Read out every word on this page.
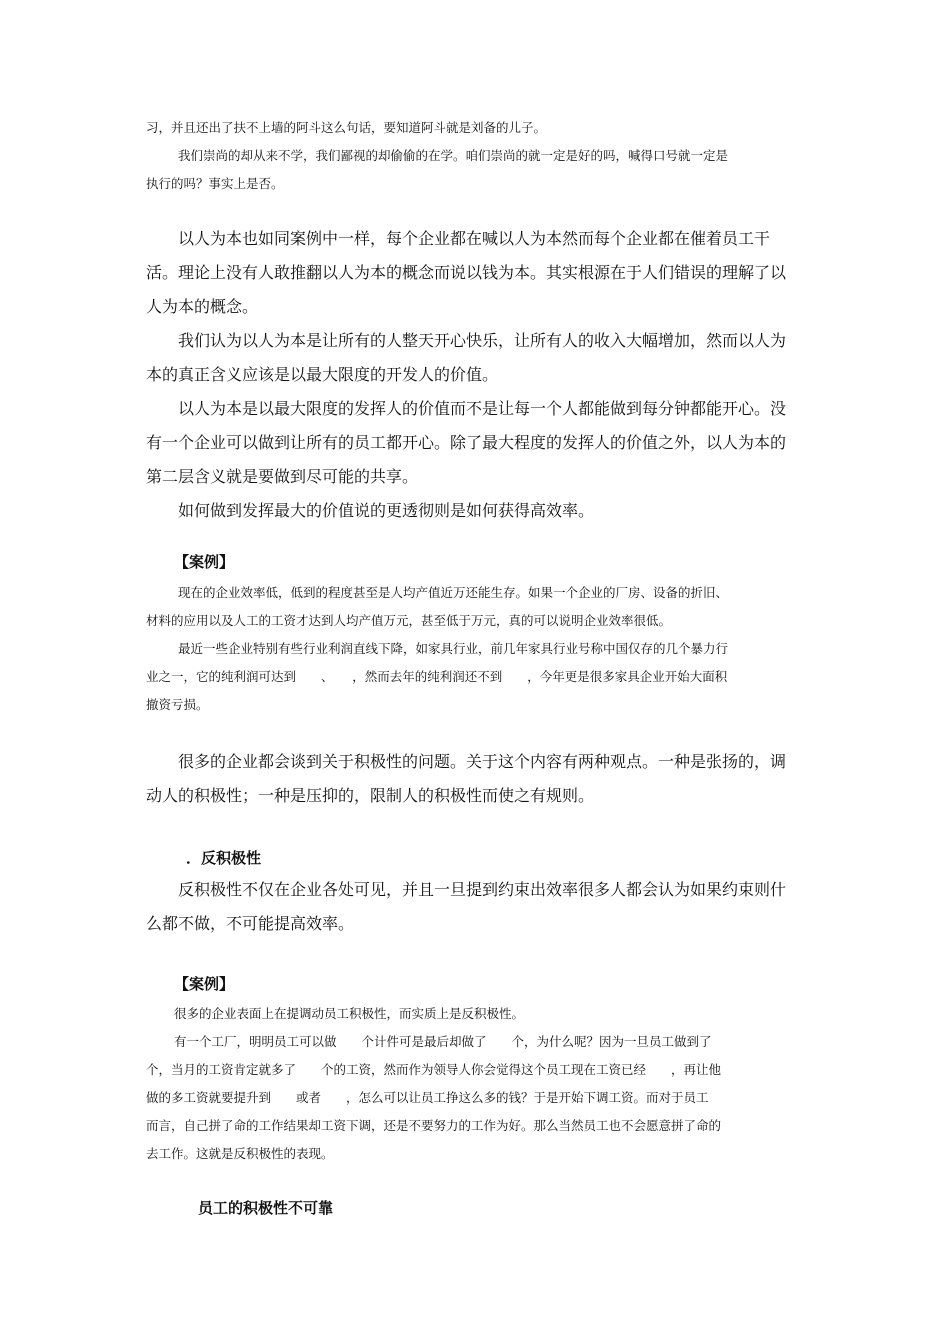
习，并且还出了扶不上墙的阿斗这么句话，要知道阿斗就是刘备的儿子。

我们崇尚的却从来不学，我们鄙视的却偷偷的在学。咱们崇尚的就一定是好的吗，喊得口号就一定是

执行的吗？事实上是否。

以人为本也如同案例中一样，每个企业都在喊以人为本然而每个企业都在催着员工干

活。理论上没有人敢推翻以人为本的概念而说以钱为本。其实根源在于人们错误的理解了以

人为本的概念。

我们认为以人为本是让所有的人整天开心快乐，让所有人的收入大幅增加，然而以人为

本的真正含义应该是以最大限度的开发人的价值。

以人为本是以最大限度的发挥人的价值而不是让每一个人都能做到每分钟都能开心。没

有一个企业可以做到让所有的员工都开心。除了最大程度的发挥人的价值之外，以人为本的

第二层含义就是要做到尽可能的共享。

如何做到发挥最大的价值说的更透彻则是如何获得高效率。

【案例】

现在的企业效率低，低到的程度甚至是人均产值近万还能生存。如果一个企业的厂房、设备的折旧、

材料的应用以及人工的工资才达到人均产值万元，甚至低于万元，真的可以说明企业效率很低。

最近一些企业特别有些行业利润直线下降，如家具行业，前几年家具行业号称中国仅存的几个暴力行

业之一，它的纯利润可达到　　、　　，然而去年的纯利润还不到　　，今年更是很多家具企业开始大面积

撤资亏损。

很多的企业都会谈到关于积极性的问题。关于这个内容有两种观点。一种是张扬的，调

动人的积极性；一种是压抑的，限制人的积极性而使之有规则。

．反积极性

反积极性不仅在企业各处可见，并且一旦提到约束出效率很多人都会认为如果约束则什

么都不做，不可能提高效率。

【案例】

很多的企业表面上在提调动员工积极性，而实质上是反积极性。

有一个工厂，明明员工可以做　　个计件可是最后却做了　　个，为什么呢？因为一旦员工做到了

个，当月的工资肯定就多了　　个的工资，然而作为领导人你会觉得这个员工现在工资已经　　，再让他

做的多工资就要提升到　　或者　　，怎么可以让员工挣这么多的钱？于是开始下调工资。而对于员工

而言，自己拼了命的工作结果却工资下调，还是不要努力的工作为好。那么当然员工也不会愿意拼了命的

去工作。这就是反积极性的表现。

员工的积极性不可靠
